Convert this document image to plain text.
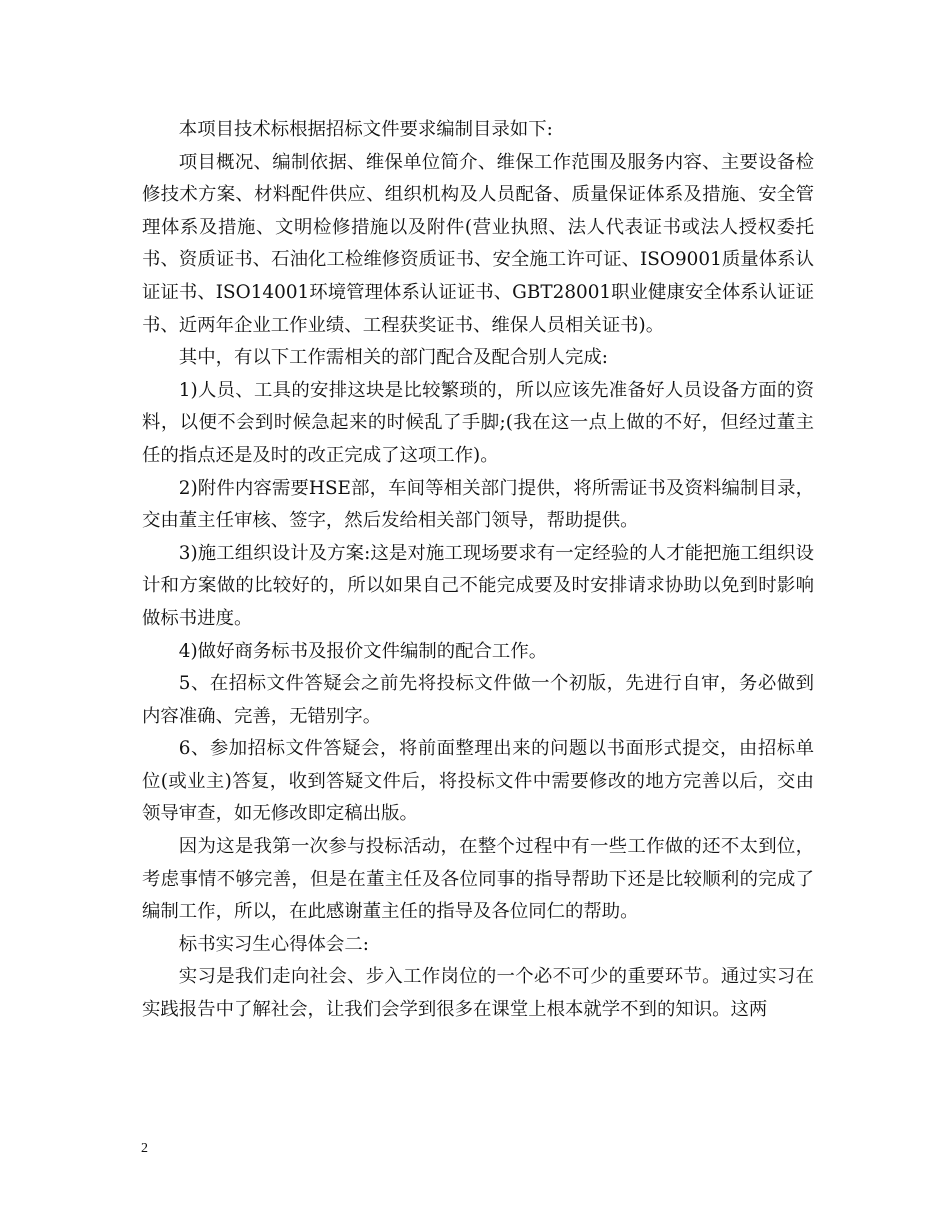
本项目技术标根据招标文件要求编制目录如下:

项目概况、编制依据、维保单位简介、维保工作范围及服务内容、主要设备检修技术方案、材料配件供应、组织机构及人员配备、质量保证体系及措施、安全管理体系及措施、文明检修措施以及附件(营业执照、法人代表证书或法人授权委托书、资质证书、石油化工检维修资质证书、安全施工许可证、ISO9001质量体系认证证书、ISO14001环境管理体系认证证书、GBT28001职业健康安全体系认证证书、近两年企业工作业绩、工程获奖证书、维保人员相关证书)。

其中，有以下工作需相关的部门配合及配合别人完成:

1)人员、工具的安排这块是比较繁琐的，所以应该先准备好人员设备方面的资料，以便不会到时候急起来的时候乱了手脚;(我在这一点上做的不好，但经过董主任的指点还是及时的改正完成了这项工作)。

2)附件内容需要HSE部，车间等相关部门提供，将所需证书及资料编制目录，交由董主任审核、签字，然后发给相关部门领导，帮助提供。

3)施工组织设计及方案:这是对施工现场要求有一定经验的人才能把施工组织设计和方案做的比较好的，所以如果自己不能完成要及时安排请求协助以免到时影响做标书进度。

4)做好商务标书及报价文件编制的配合工作。

5、在招标文件答疑会之前先将投标文件做一个初版，先进行自审，务必做到内容准确、完善，无错别字。

6、参加招标文件答疑会，将前面整理出来的问题以书面形式提交，由招标单位(或业主)答复，收到答疑文件后，将投标文件中需要修改的地方完善以后，交由领导审查，如无修改即定稿出版。

因为这是我第一次参与投标活动，在整个过程中有一些工作做的还不太到位，考虑事情不够完善，但是在董主任及各位同事的指导帮助下还是比较顺利的完成了编制工作，所以，在此感谢董主任的指导及各位同仁的帮助。

标书实习生心得体会二:

实习是我们走向社会、步入工作岗位的一个必不可少的重要环节。通过实习在实践报告中了解社会，让我们会学到很多在课堂上根本就学不到的知识。这两

2
